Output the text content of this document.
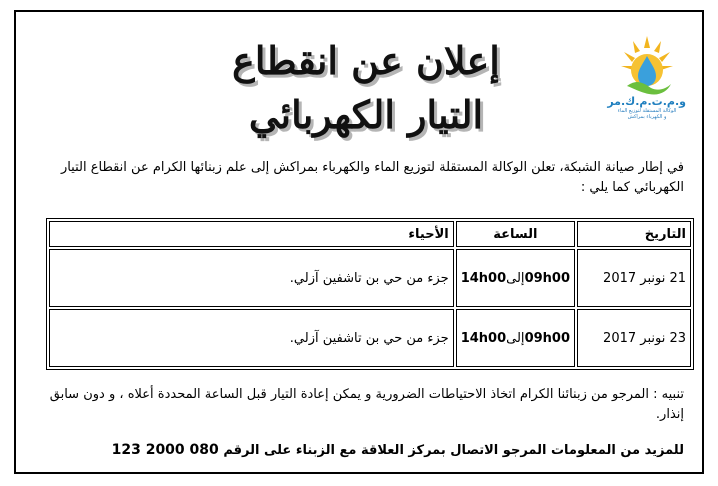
و.م.ت.م.ك.مر
الوكالة المستقلة لتوزيع الماء
و الكهرباء بمراكش
إعلان عن انقطاع
التيار الكهربائي
في إطار صيانة الشبكة، تعلن الوكالة المستقلة لتوزيع الماء والكهرباء بمراكش إلى علم زبنائها الكرام عن انقطاع التيار الكهربائي كما يلي :
التاريخ	الساعة	الأحياء
21 نونبر 2017	09h00إلى14h00	جزء من حي بن تاشفين آزلي.
23 نونبر 2017	09h00إلى14h00	جزء من حي بن تاشفين آزلي.
تنبيه : المرجو من زبنائنا الكرام اتخاذ الاحتياطات الضرورية و يمكن إعادة التيار قبل الساعة المحددة أعلاه ، و دون سابق إنذار.
للمزيد من المعلومات المرجو الاتصال بمركز العلاقة مع الزبناء على الرقم 080 2000 123
